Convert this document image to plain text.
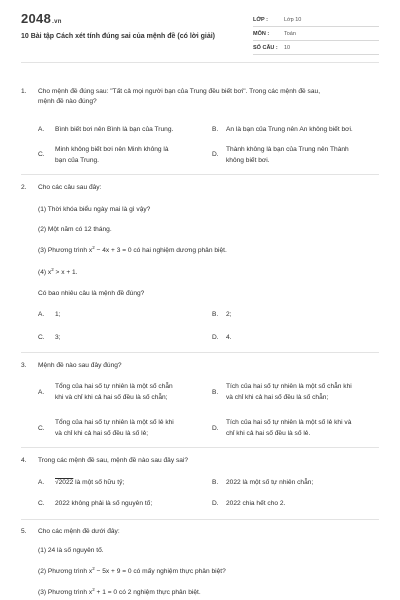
2048.vn
10 Bài tập Cách xét tính đúng sai của mệnh đề (có lời giải)
LỚP :	Lớp 10
MÔN :	Toán
SỐ CÂU : 10
1. Cho mệnh đề đúng sau: "Tất cả mọi người bạn của Trung đều biết bơi". Trong các mệnh đề sau,
mệnh đề nào đúng?
A. Bình biết bơi nên Bình là bạn của Trung.	B. An là bạn của Trung nên An không biết bơi.
C.
Minh không biết bơi nên Minh không là
bạn của Trung.
D.
Thành không là bạn của Trung nên Thành
không biết bơi.
2. Cho các câu sau đây:
(1) Thời khóa biểu ngày mai là gì vậy?
(2) Một năm có 12 tháng.
(3) Phương trình $x^2 - 4x + 3 = 0$ có hai nghiệm dương phân biệt.
(4) $x^2 > x + 1$.
Có bao nhiêu câu là mệnh đề đúng?
A. 1;	B. 2;
C. 3;	D. 4.
3. Mệnh đề nào sau đây đúng?
A.
Tổng của hai số tự nhiên là một số chẵn
khi và chỉ khi cả hai số đều là số chẵn;
B.
Tích của hai số tự nhiên là một số chẵn khi
và chỉ khi cả hai số đều là số chẵn;
C.
Tổng của hai số tự nhiên là một số lẻ khi
và chỉ khi cả hai số đều là số lẻ;
D.
Tích của hai số tự nhiên là một số lẻ khi và
chỉ khi cả hai số đều là số lẻ.
4. Trong các mệnh đề sau, mệnh đề nào sau đây sai?
A. √2022 là một số hữu tỷ;	B. 2022 là một số tự nhiên chẵn;
C. 2022 không phải là số nguyên tố;	D. 2022 chia hết cho 2.
5. Cho các mệnh đề dưới đây:
(1) 24 là số nguyên tố.
(2) Phương trình $x^2 - 5x + 9 = 0$ có mấy nghiệm thực phân biệt?
(3) Phương trình $x^2 + 1 = 0$ có 2 nghiệm thực phân biệt.
